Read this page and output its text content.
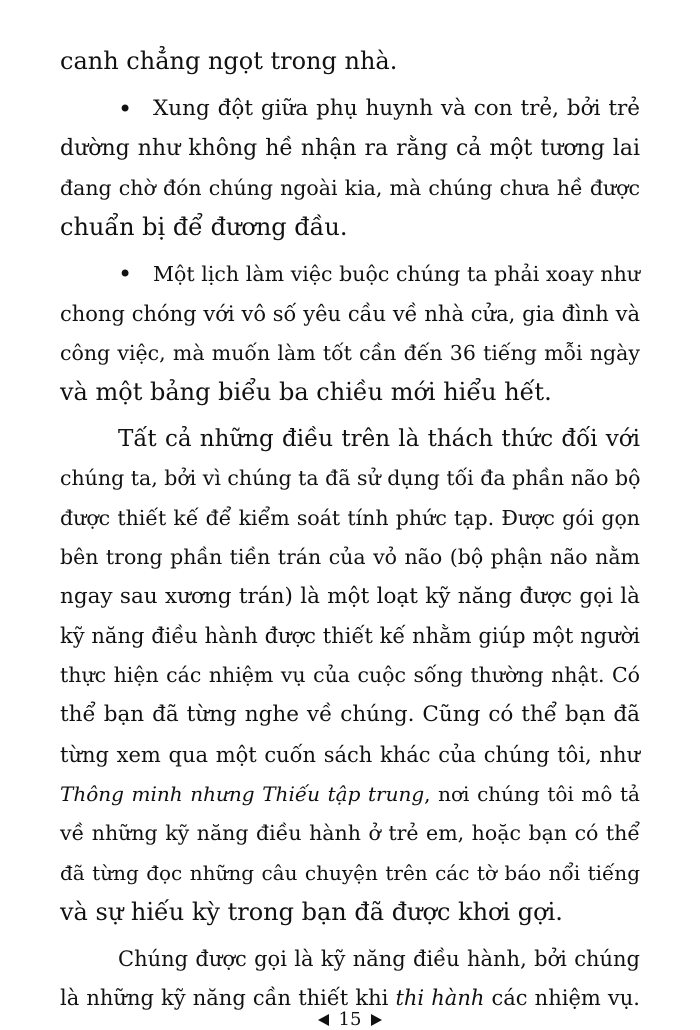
canh chẳng ngọt trong nhà.
• Xung đột giữa phụ huynh và con trẻ, bởi trẻ
dường như không hề nhận ra rằng cả một tương lai
đang chờ đón chúng ngoài kia, mà chúng chưa hề được
chuẩn bị để đương đầu.
• Một lịch làm việc buộc chúng ta phải xoay như
chong chóng với vô số yêu cầu về nhà cửa, gia đình và
công việc, mà muốn làm tốt cần đến 36 tiếng mỗi ngày
và một bảng biểu ba chiều mới hiểu hết.
Tất cả những điều trên là thách thức đối với
chúng ta, bởi vì chúng ta đã sử dụng tối đa phần não bộ
được thiết kế để kiểm soát tính phức tạp. Được gói gọn
bên trong phần tiền trán của vỏ não (bộ phận não nằm
ngay sau xương trán) là một loạt kỹ năng được gọi là
kỹ năng điều hành được thiết kế nhằm giúp một người
thực hiện các nhiệm vụ của cuộc sống thường nhật. Có
thể bạn đã từng nghe về chúng. Cũng có thể bạn đã
từng xem qua một cuốn sách khác của chúng tôi, như
Thông minh nhưng Thiếu tập trung, nơi chúng tôi mô tả
về những kỹ năng điều hành ở trẻ em, hoặc bạn có thể
đã từng đọc những câu chuyện trên các tờ báo nổi tiếng
và sự hiếu kỳ trong bạn đã được khơi gợi.
Chúng được gọi là kỹ năng điều hành, bởi chúng
là những kỹ năng cần thiết khi thi hành các nhiệm vụ.
15
